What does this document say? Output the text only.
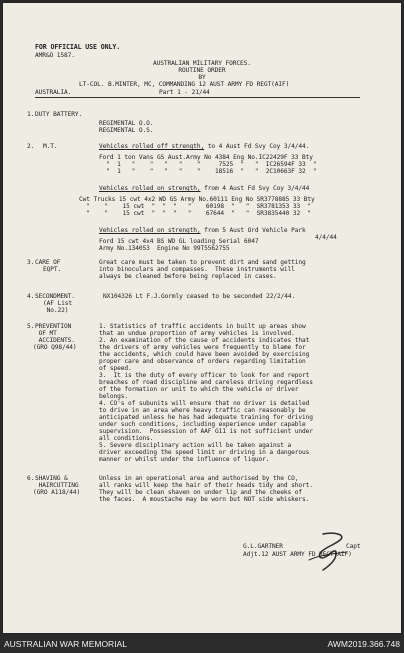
FOR OFFICIAL USE ONLY.
AMR&O 1587.
AUSTRALIAN MILITARY FORCES.
ROUTINE ORDER
BY
LT-COL. B.MINTER, MC, COMMANDING 12 AUST ARMY FD REGT(AIF)
AUSTRALIA.	Part 1 - 21/44
1. DUTY BATTERY.
REGIMENTAL O.O.
REGIMENTAL O.S.
2. M.T.	Vehicles rolled off strength, to 4 Aust Fd Svy Coy 3/4/44.
Ford 1 ton Vans GS Aust.Army No 4384 Eng No.IC22429F 33 Bty
"  1   "    "   "   "    "     7525  "   "  IC26594F 33  "
"  1   "    "   "   "    "    18516  "   "  2C10663F 32  "
Vehicles rolled on strength, from 4 Aust Fd Svy Coy 3/4/44
Cwt Trucks 15 cwt 4x2 WD GS Army No.60111 Eng No SR3778885 33 Bty
"    "    15 cwt  "  "  "   "    60198  "   "  SR3781353 33  "
"    "    15 cwt  "  "  "   "    67644  "   "  SR3835440 32  "
Vehicles rolled on strength, from 5 Aust Ord Vehicle Park
4/4/44
Ford 15 cwt 4x4 BS WD GL loading Serial 6047
Army No.134053  Engine No 99T5562755
3. CARE OF
EQPT.
Great care must be taken to prevent dirt and sand getting
into binoculars and compasses.  These instruments will
always be cleaned before being replaced in cases.
4. SECONDMENT.	NX104326 Lt F.J.Gormly ceased to be seconded 22/2/44.
(AF List
No.22)
5. PREVENTION
OF MT
ACCIDENTS.
(GRO Q98/44)
1. Statistics of traffic accidents in built up areas show
that an undue proportion of army vehicles is involved.
2. An examination of the cause of accidents indicates that
the drivers of army vehicles were frequently to blame for
the accidents, which could have been avoided by exercising
proper care and observance of orders regarding limitation
of speed.
3.  It is the duty of every officer to look for and report
breaches of road discipline and careless driving regardless
of the formation or unit to which the vehicle or driver
belongs.
4. CO's of subunits will ensure that no driver is detailed
to drive in an area where heavy traffic can reasonably be
anticipated unless he has had adequate training for driving
under such conditions, including experience under capable
supervision.  Possession of AAF G11 is not sufficient under
all conditions.
5. Severe disciplinary action will be taken against a
driver exceeding the speed limit or driving in a dangerous
manner or whilst under the influence of liquor.
6. SHAVING &
HAIRCUTTING
(GRO A118/44)
Unless in an operational area and authorised by the CO,
all ranks will keep the hair of their heads tidy and short.
They will be clean shaven on under lip and the cheeks of
the faces.  A moustache may be worn but NOT side whiskers.
G.L.GARTNER	Capt
Adjt.12 AUST ARMY FD REGT(AIF)
AUSTRALIAN WAR MEMORIAL	AWM2019.366.748
